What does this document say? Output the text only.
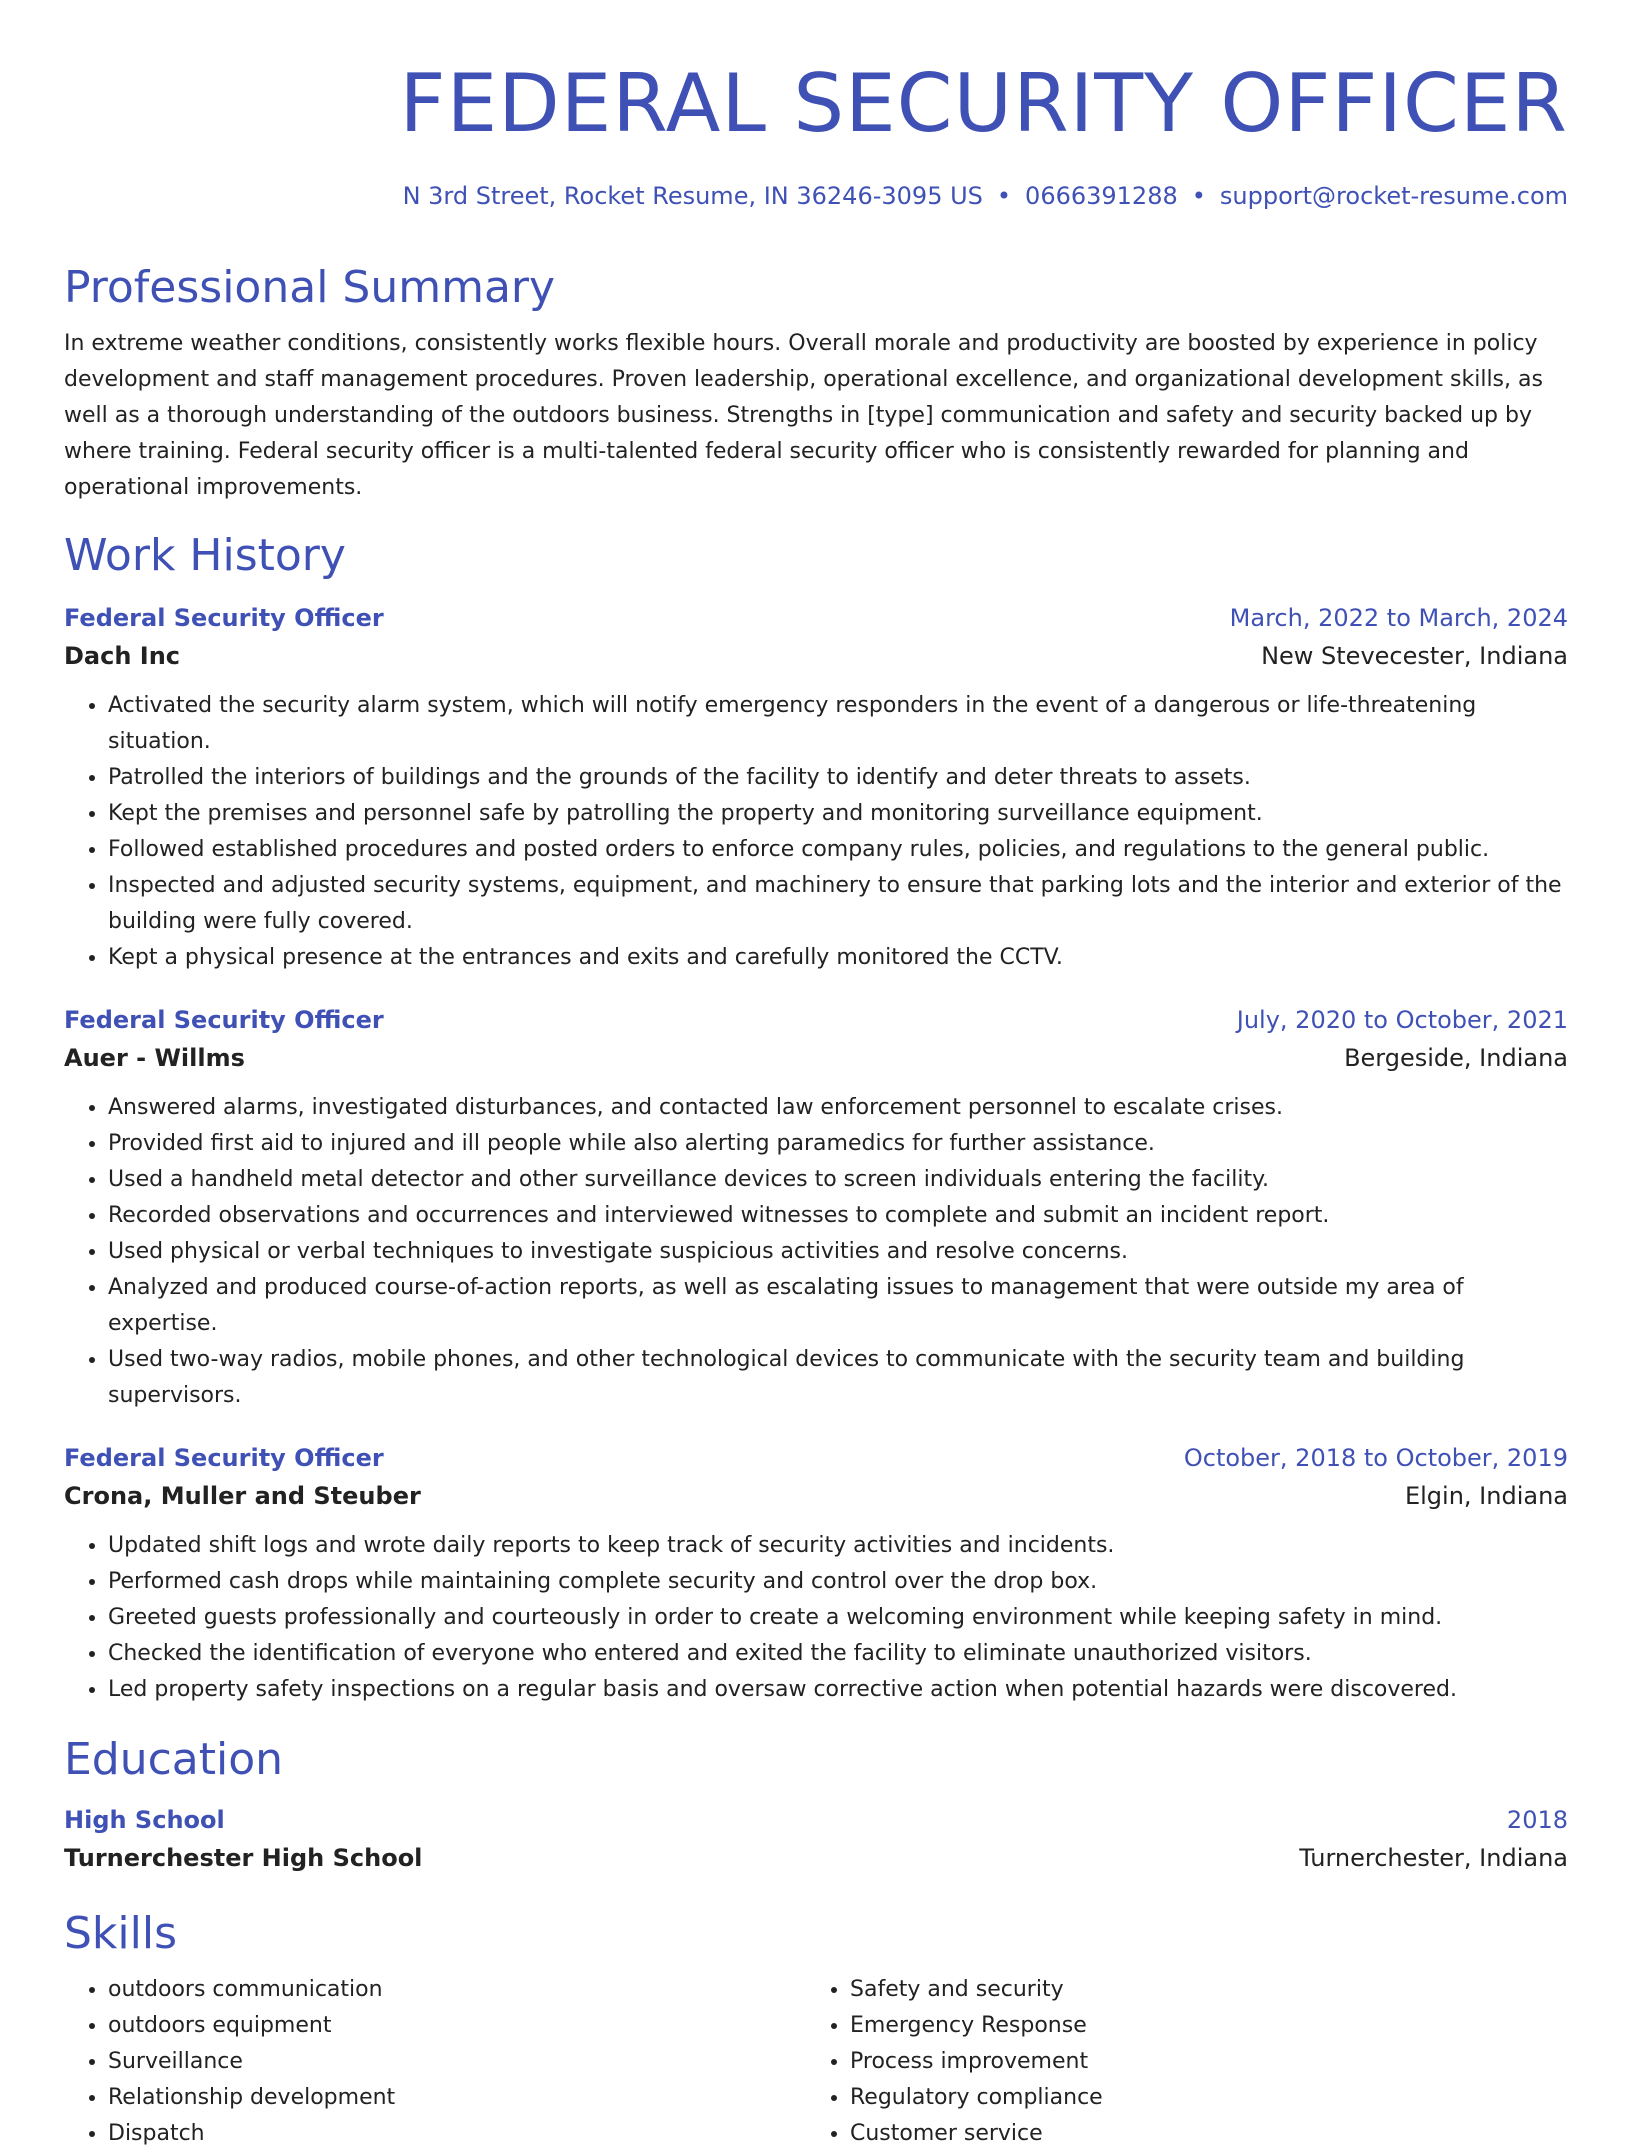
FEDERAL SECURITY OFFICER
N 3rd Street, Rocket Resume, IN 36246-3095 US • 0666391288 • support@rocket-resume.com
Professional Summary
In extreme weather conditions, consistently works flexible hours. Overall morale and productivity are boosted by experience in policy development and staff management procedures. Proven leadership, operational excellence, and organizational development skills, as well as a thorough understanding of the outdoors business. Strengths in [type] communication and safety and security backed up by where training. Federal security officer is a multi-talented federal security officer who is consistently rewarded for planning and operational improvements.
Work History
Federal Security Officer	March, 2022 to March, 2024
Dach Inc	New Stevecester, Indiana
• Activated the security alarm system, which will notify emergency responders in the event of a dangerous or life-threatening situation.
• Patrolled the interiors of buildings and the grounds of the facility to identify and deter threats to assets.
• Kept the premises and personnel safe by patrolling the property and monitoring surveillance equipment.
• Followed established procedures and posted orders to enforce company rules, policies, and regulations to the general public.
• Inspected and adjusted security systems, equipment, and machinery to ensure that parking lots and the interior and exterior of the building were fully covered.
• Kept a physical presence at the entrances and exits and carefully monitored the CCTV.
Federal Security Officer	July, 2020 to October, 2021
Auer - Willms	Bergeside, Indiana
• Answered alarms, investigated disturbances, and contacted law enforcement personnel to escalate crises.
• Provided first aid to injured and ill people while also alerting paramedics for further assistance.
• Used a handheld metal detector and other surveillance devices to screen individuals entering the facility.
• Recorded observations and occurrences and interviewed witnesses to complete and submit an incident report.
• Used physical or verbal techniques to investigate suspicious activities and resolve concerns.
• Analyzed and produced course-of-action reports, as well as escalating issues to management that were outside my area of expertise.
• Used two-way radios, mobile phones, and other technological devices to communicate with the security team and building supervisors.
Federal Security Officer	October, 2018 to October, 2019
Crona, Muller and Steuber	Elgin, Indiana
• Updated shift logs and wrote daily reports to keep track of security activities and incidents.
• Performed cash drops while maintaining complete security and control over the drop box.
• Greeted guests professionally and courteously in order to create a welcoming environment while keeping safety in mind.
• Checked the identification of everyone who entered and exited the facility to eliminate unauthorized visitors.
• Led property safety inspections on a regular basis and oversaw corrective action when potential hazards were discovered.
Education
High School	2018
Turnerchester High School	Turnerchester, Indiana
Skills
• outdoors communication
• outdoors equipment
• Surveillance
• Relationship development
• Dispatch
• Safety and security
• Emergency Response
• Process improvement
• Regulatory compliance
• Customer service
